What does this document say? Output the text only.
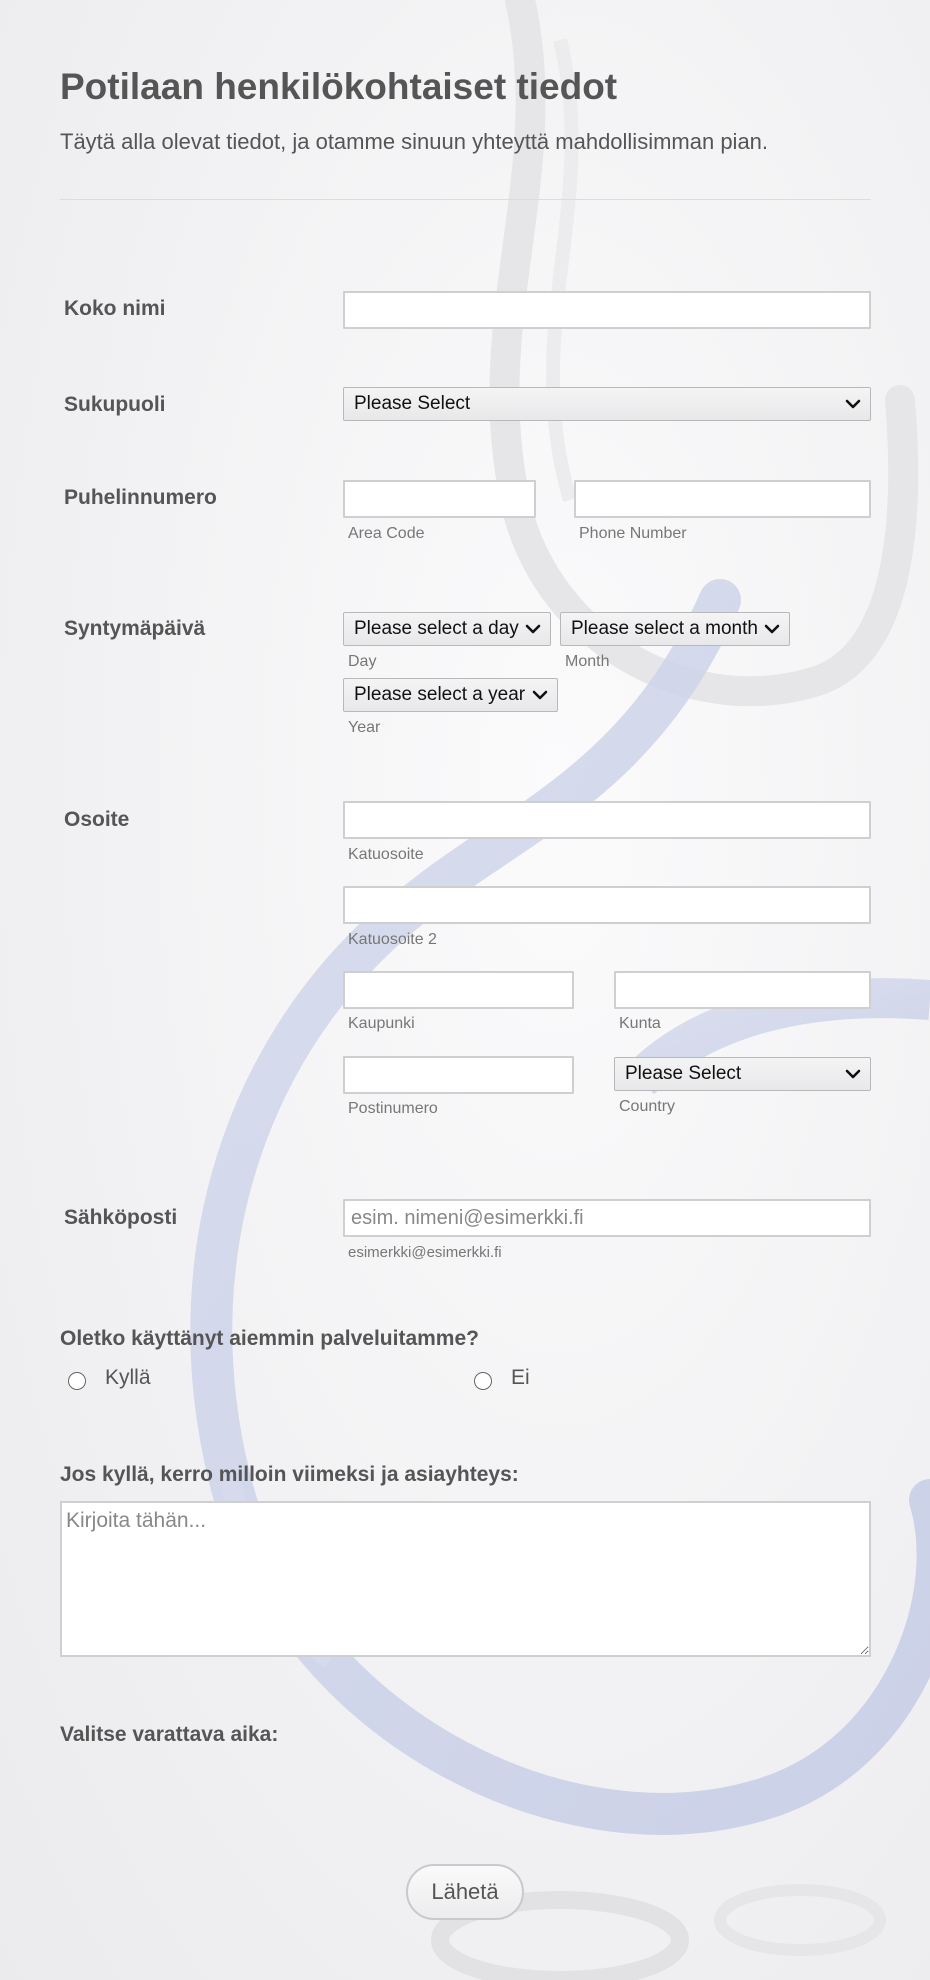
Potilaan henkilökohtaiset tiedot

Täytä alla olevat tiedot, ja otamme sinuun yhteyttä mahdollisimman pian.

Koko nimi
Sukupuoli	Please Select
Puhelinnumero
Area Code	Phone Number
Syntymäpäivä	Please select a day
Day
Please select a month
Month
Please select a year
Year
Osoite
Katuosoite
Katuosoite 2
Kaupunki	Kunta
Postinumero
Please Select
Country
Sähköposti
esim. nimeni@esimerkki.fi
esimerkki@esimerkki.fi
Oletko käyttänyt aiemmin palveluitamme?
Kyllä	Ei
Jos kyllä, kerro milloin viimeksi ja asiayhteys:
Kirjoita tähän...
Valitse varattava aika:
Lähetä
